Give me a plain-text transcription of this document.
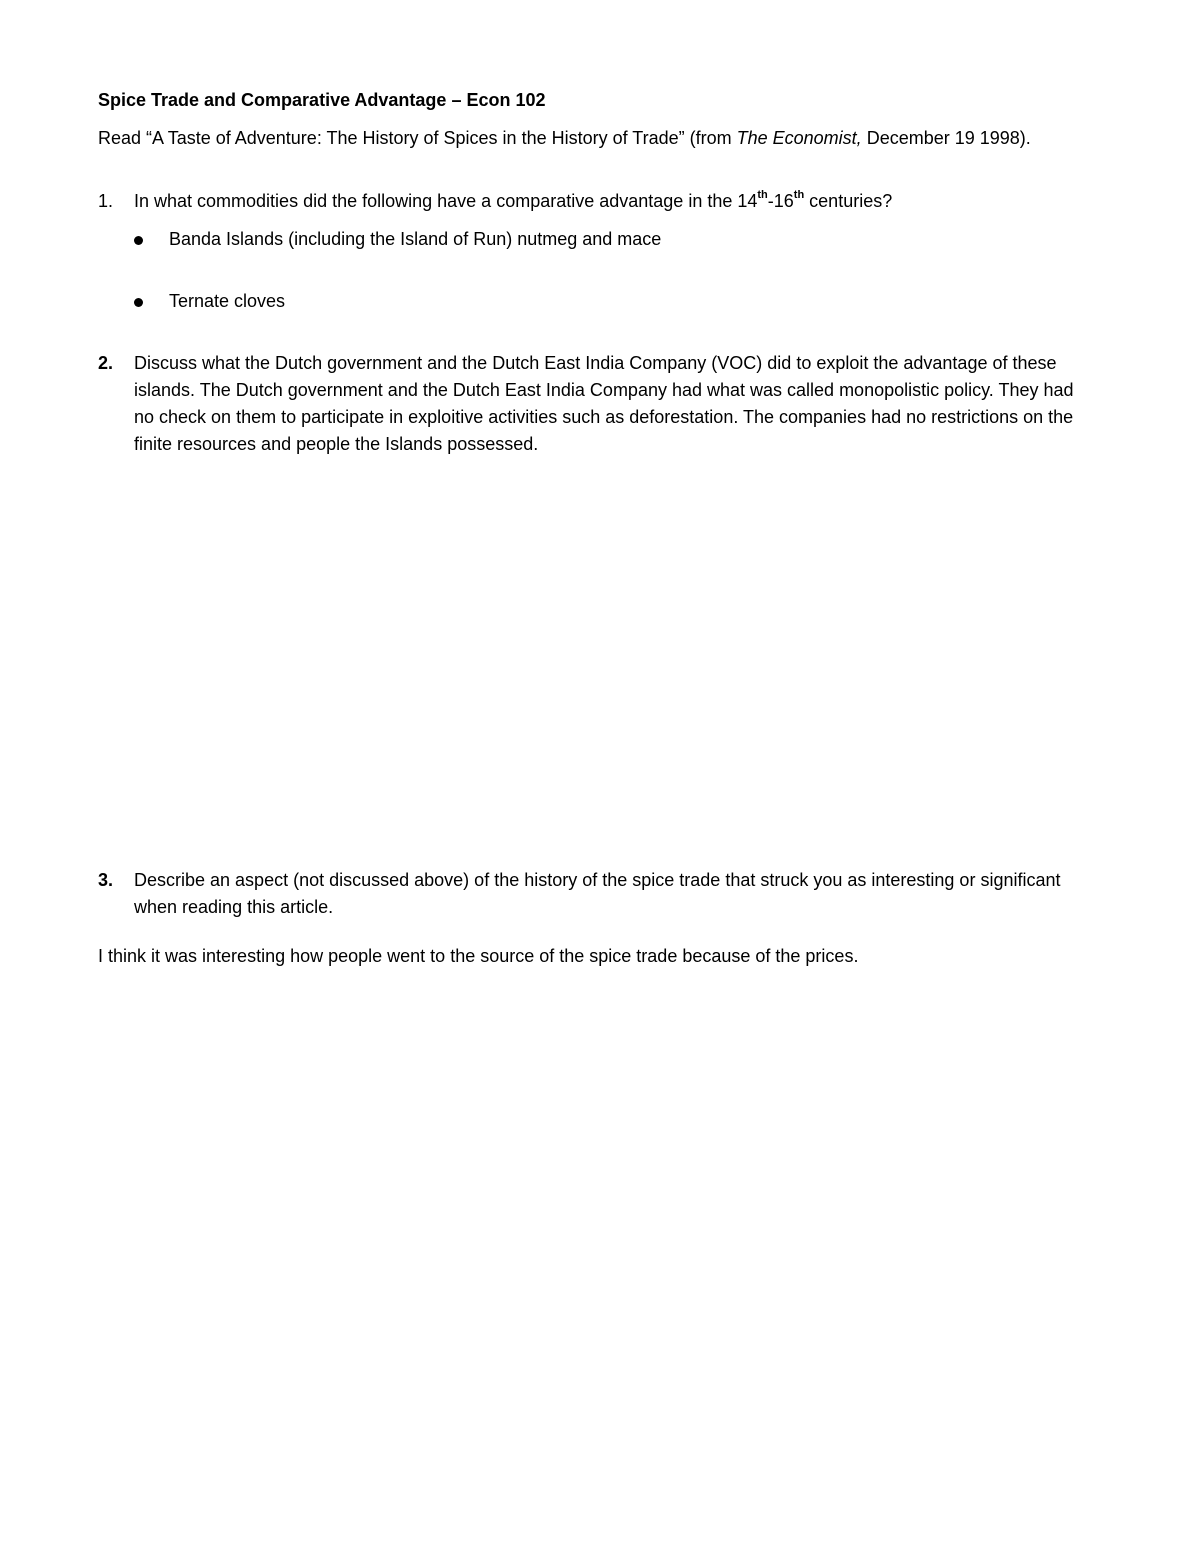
Spice Trade and Comparative Advantage – Econ 102
Read “A Taste of Adventure: The History of Spices in the History of Trade” (from The Economist, December 19 1998).
1.	In what commodities did the following have a comparative advantage in the 14th-16th centuries?
Banda Islands (including the Island of Run) nutmeg and mace
Ternate cloves
2.	Discuss what the Dutch government and the Dutch East India Company (VOC) did to exploit the advantage of these islands. The Dutch government and the Dutch East India Company had what was called monopolistic policy. They had no check on them to participate in exploitive activities such as deforestation. The companies had no restrictions on the finite resources and people the Islands possessed.
3.	Describe an aspect (not discussed above) of the history of the spice trade that struck you as interesting or significant when reading this article.
I think it was interesting how people went to the source of the spice trade because of the prices.
